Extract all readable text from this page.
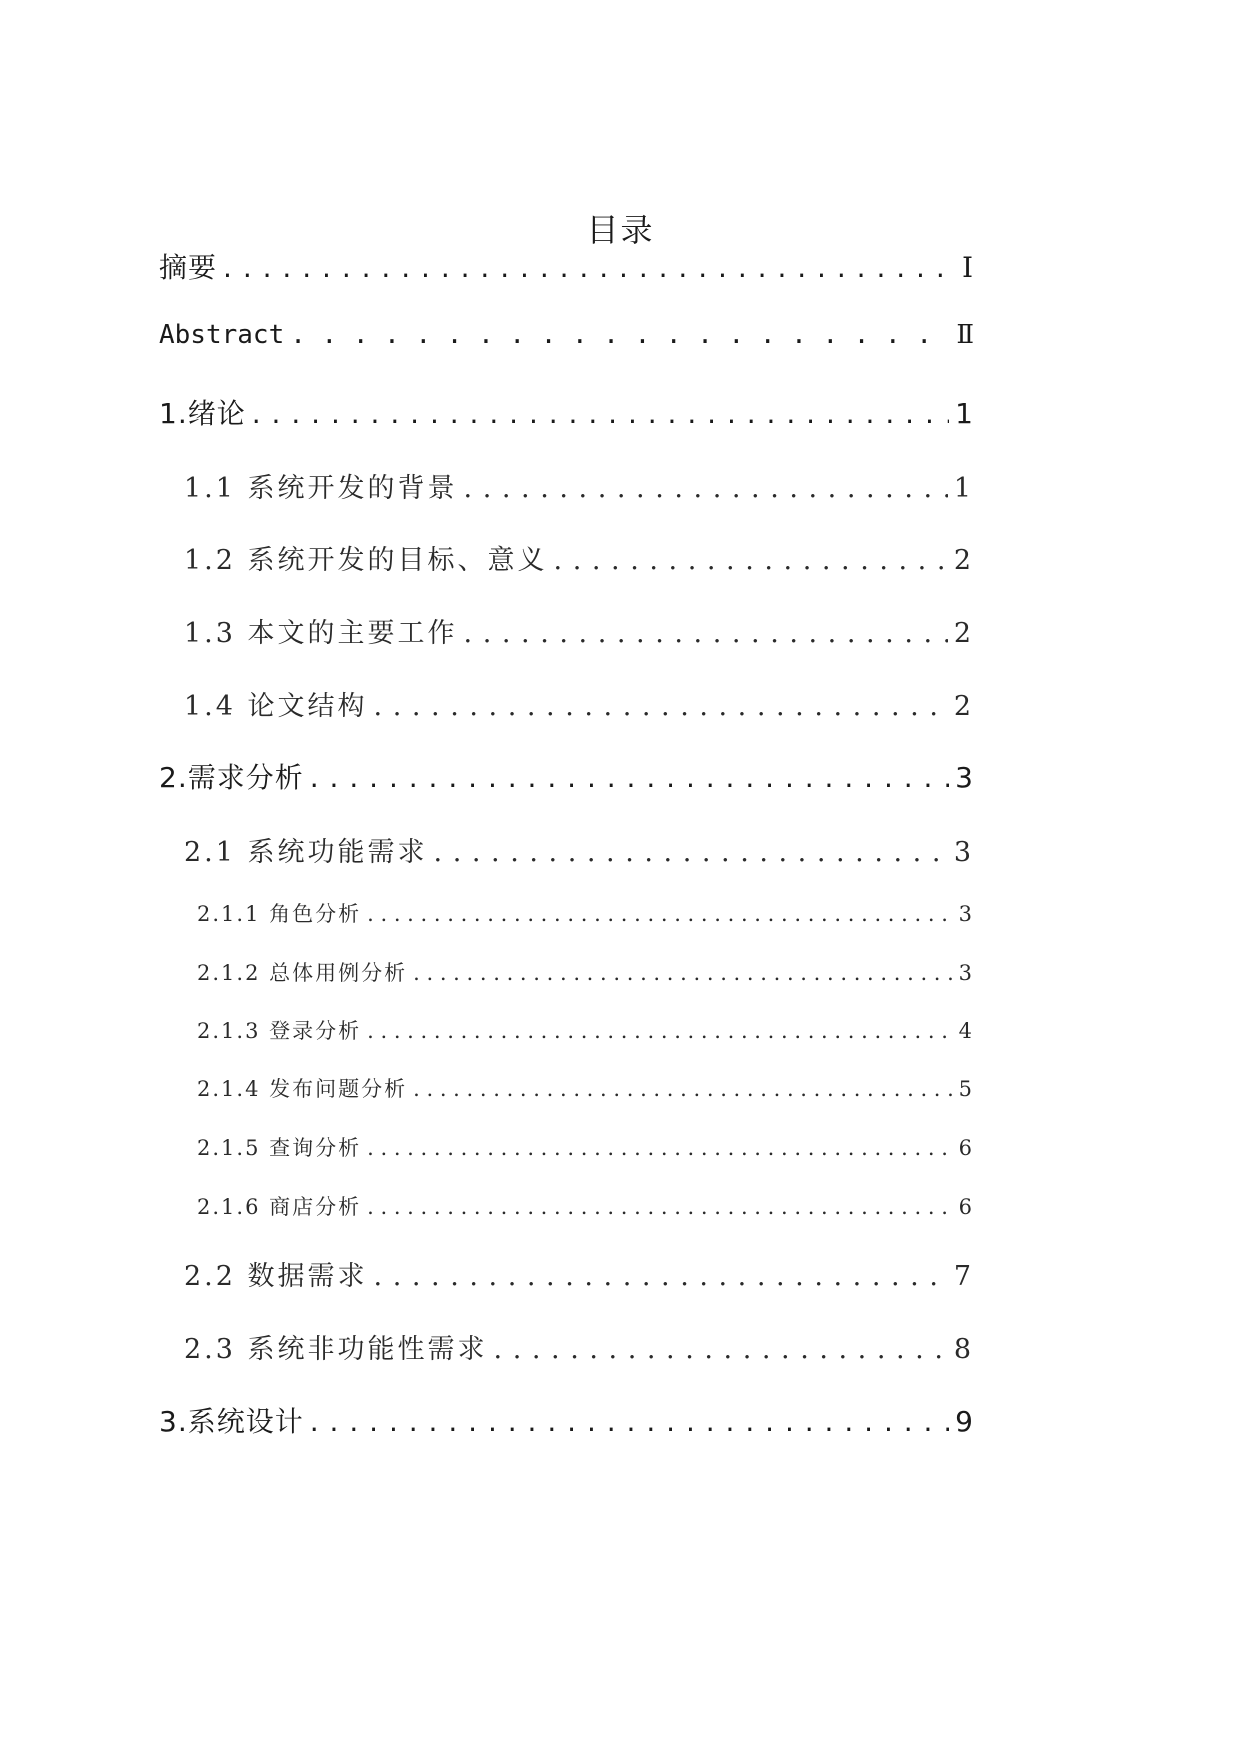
目录
摘要 . . .	Ⅰ
Abstract . . .	Ⅱ
1.绪论 . . .	1
1.1 系统开发的背景 . . .	1
1.2 系统开发的目标、意义 . . .	2
1.3 本文的主要工作 . . .	2
1.4 论文结构 . . .	2
2.需求分析 . . .	3
2.1 系统功能需求 . . .	3
2.1.1 角色分析 . . .	3
2.1.2 总体用例分析 . . .	3
2.1.3 登录分析 . . .	4
2.1.4 发布问题分析 . . .	5
2.1.5 查询分析 . . .	6
2.1.6 商店分析 . . .	6
2.2 数据需求 . . .	7
2.3 系统非功能性需求 . . .	8
3.系统设计 . . .	9
